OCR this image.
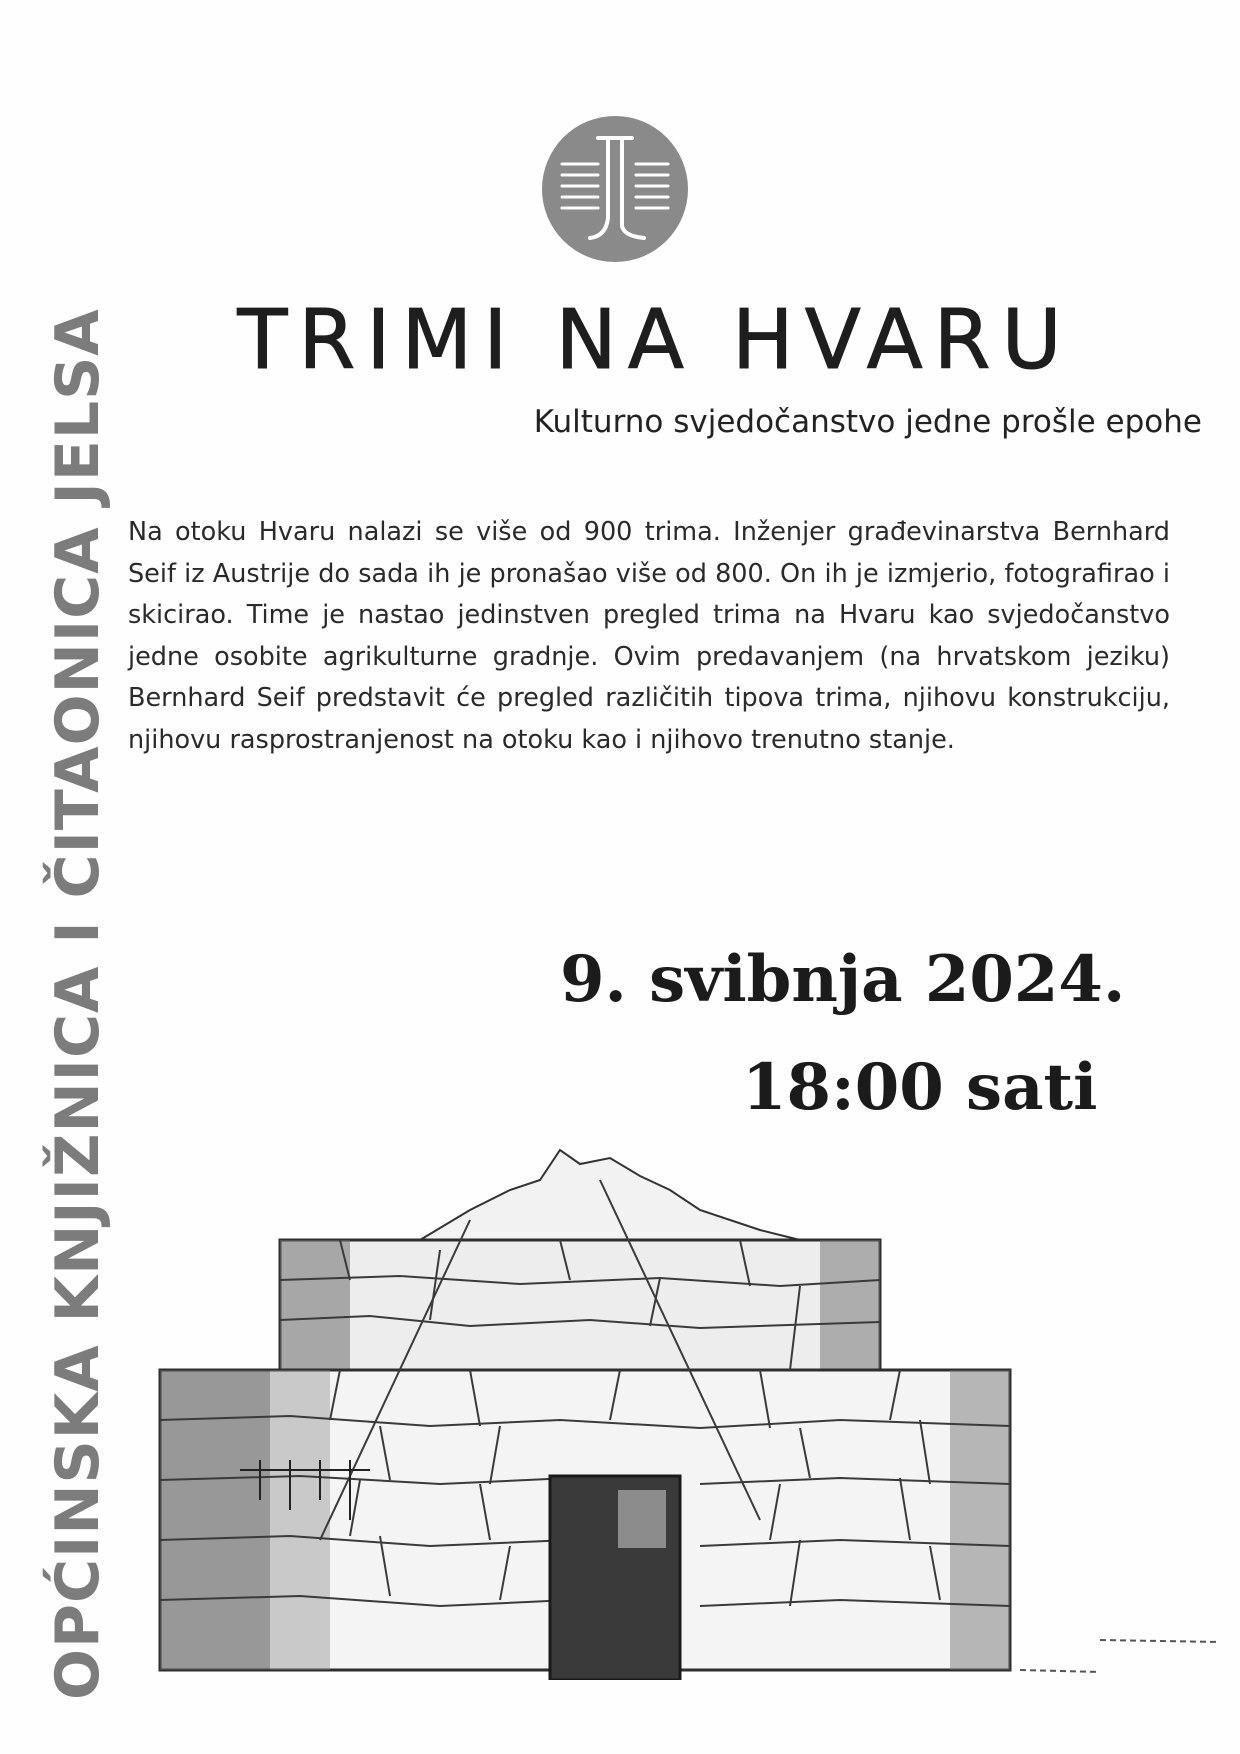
OPĆINSKA KNJIŽNICA I ČITAONICA JELSA	TRIMI NA HVARU
Kulturno svjedočanstvo jedne prošle epohe
Na otoku Hvaru nalazi se više od 900 trima. Inženjer građevinarstva Bernhard Seif iz Austrije do sada ih je pronašao više od 800. On ih je izmjerio, fotografirao i skicirao. Time je nastao jedinstven pregled trima na Hvaru kao svjedočanstvo jedne osobite agrikulturne gradnje. Ovim predavanjem (na hrvatskom jeziku) Bernhard Seif predstavit će pregled različitih tipova trima, njihovu konstrukciju, njihovu rasprostranjenost na otoku kao i njihovo trenutno stanje.
9. svibnja 2024.
18:00 sati
